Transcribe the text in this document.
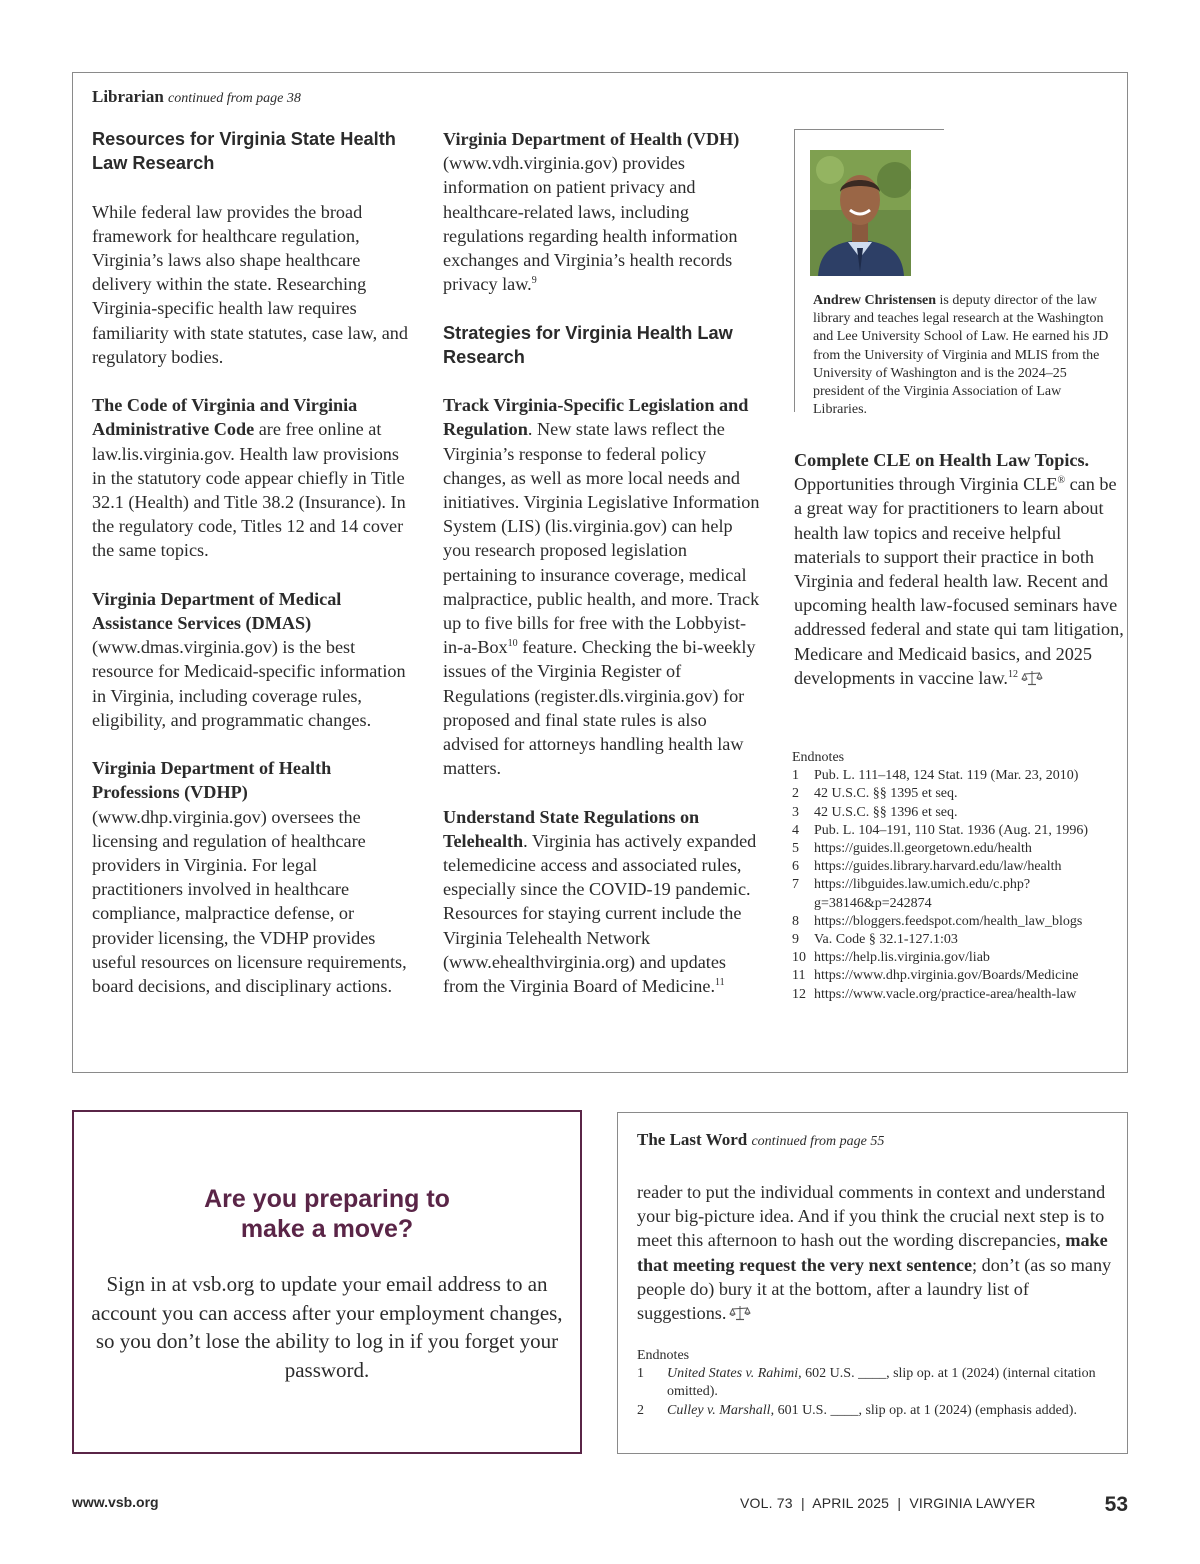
Librarian continued from page 38
Resources for Virginia State Health Law Research

While federal law provides the broad framework for healthcare regulation, Virginia’s laws also shape healthcare delivery within the state. Researching Virginia-specific health law requires familiarity with state statutes, case law, and regulatory bodies.

The Code of Virginia and Virginia Administrative Code are free online at law.lis.virginia.gov. Health law provisions in the statutory code appear chiefly in Title 32.1 (Health) and Title 38.2 (Insurance). In the regulatory code, Titles 12 and 14 cover the same topics.

Virginia Department of Medical Assistance Services (DMAS) (www.dmas.virginia.gov) is the best resource for Medicaid-specific information in Virginia, including coverage rules, eligibility, and programmatic changes.

Virginia Department of Health Professions (VDHP) (www.dhp.virginia.gov) oversees the licensing and regulation of healthcare providers in Virginia. For legal practitioners involved in healthcare compliance, malpractice defense, or provider licensing, the VDHP provides useful resources on licensure requirements, board decisions, and disciplinary actions.

Virginia Department of Health (VDH) (www.vdh.virginia.gov) provides information on patient privacy and healthcare-related laws, including regulations regarding health information exchanges and Virginia’s health records privacy law.$^9$

Strategies for Virginia Health Law Research

Track Virginia-Specific Legislation and Regulation. New state laws reflect the Virginia’s response to federal policy changes, as well as more local needs and initiatives. Virginia Legislative Information System (LIS) (lis.virginia.gov) can help you research proposed legislation pertaining to insurance coverage, medical malpractice, public health, and more. Track up to five bills for free with the Lobbyist-in-a-Box$^{10}$ feature. Checking the bi-weekly issues of the Virginia Register of Regulations (register.dls.virginia.gov) for proposed and final state rules is also advised for attorneys handling health law matters.

Understand State Regulations on Telehealth. Virginia has actively expanded telemedicine access and associated rules, especially since the COVID-19 pandemic. Resources for staying current include the Virginia Telehealth Network (www.ehealthvirginia.org) and updates from the Virginia Board of Medicine.$^{11}$

Andrew Christensen is deputy director of the law library and teaches legal research at the Washington and Lee University School of Law. He earned his JD from the University of Virginia and MLIS from the University of Washington and is the 2024–25 president of the Virginia Association of Law Libraries.
Complete CLE on Health Law Topics. Opportunities through Virginia CLE® can be a great way for practitioners to learn about health law topics and receive helpful materials to support their practice in both Virginia and federal health law. Recent and upcoming health law-focused seminars have addressed federal and state qui tam litigation, Medicare and Medicaid basics, and 2025 developments in vaccine law.$^{12}$
Endnotes
1	Pub. L. 111–148, 124 Stat. 119 (Mar. 23, 2010)
2	42 U.S.C. §§ 1395 et seq.
3	42 U.S.C. §§ 1396 et seq.
4	Pub. L. 104–191, 110 Stat. 1936 (Aug. 21, 1996)
5	https://guides.ll.georgetown.edu/health
6	https://guides.library.harvard.edu/law/health
7	https://libguides.law.umich.edu/c.php?g=38146&p=242874
8	https://bloggers.feedspot.com/health_law_blogs
9	Va. Code § 32.1-127.1:03
10 https://help.lis.virginia.gov/liab
11 https://www.dhp.virginia.gov/Boards/Medicine
12 https://www.vacle.org/practice-area/health-law
Are you preparing to
make a move?
Sign in at vsb.org to update your email address to an account you can access after your employment changes, so you don’t lose the ability to log in if you forget your password.
The Last Word continued from page 55
reader to put the individual comments in context and understand your big-picture idea. And if you think the crucial next step is to meet this afternoon to hash out the wording discrepancies, make that meeting request the very next sentence; don’t (as so many people do) bury it at the bottom, after a laundry list of suggestions.
Endnotes
1	United States v. Rahimi, 602 U.S. ____, slip op. at 1 (2024) (internal citation omitted).
2	Culley v. Marshall, 601 U.S. ____, slip op. at 1 (2024) (emphasis added).
www.vsb.org	VOL. 73  |  APRIL 2025  |  VIRGINIA LAWYER	53
